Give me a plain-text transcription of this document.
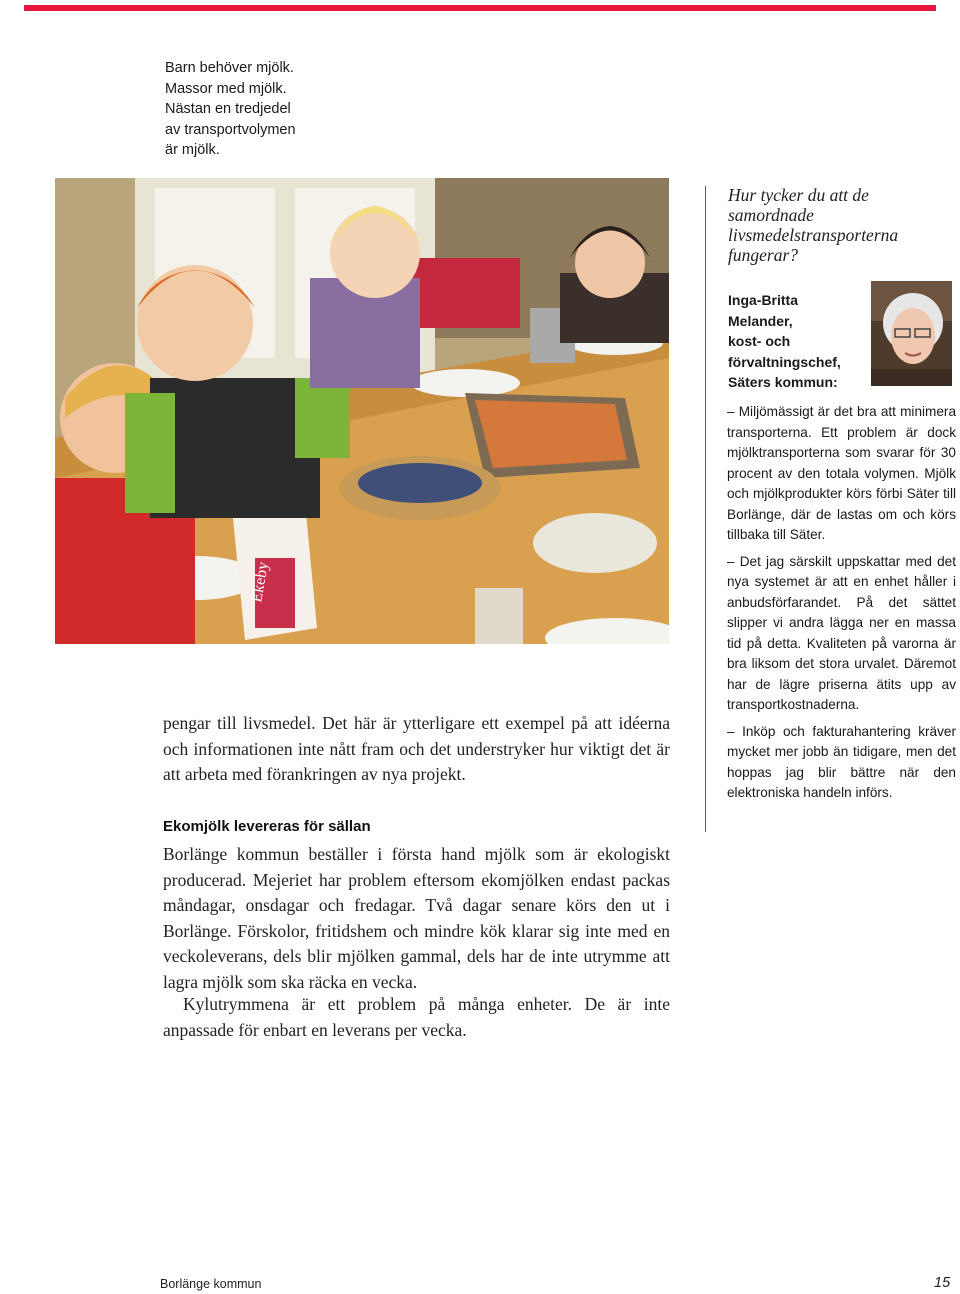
Barn behöver mjölk.
Massor med mjölk.
Nästan en tredjedel
av transportvolymen
är mjölk.
Ekeby
pengar till livsmedel. Det här är ytterligare ett exempel på att idéerna och informationen inte nått fram och det understryker hur viktigt det är att arbeta med förankringen av nya projekt.
Ekomjölk levereras för sällan
Borlänge kommun beställer i första hand mjölk som är ekologiskt producerad. Mejeriet har problem eftersom ekomjölken endast packas måndagar, onsdagar och fredagar. Två dagar senare körs den ut i Borlänge. Förskolor, fritidshem och mindre kök klarar sig inte med en veckoleverans, dels blir mjölken gammal, dels har de inte utrymme att lagra mjölk som ska räcka en vecka.
Kylutrymmena är ett problem på många enheter. De är inte anpassade för enbart en leverans per vecka.
Hur tycker du att de samordnade livsmedelstransporterna fungerar?
Inga-Britta
Melander,
kost- och
förvaltningschef,
Säters kommun:

– Miljömässigt är det bra att minimera transporterna. Ett problem är dock mjölktransporterna som svarar för 30 procent av den totala volymen. Mjölk och mjölkprodukter körs förbi Säter till Borlänge, där de lastas om och körs tillbaka till Säter.

– Det jag särskilt uppskattar med det nya systemet är att en enhet håller i anbudsförfarandet. På det sättet slipper vi andra lägga ner en massa tid på detta. Kvaliteten på varorna är bra liksom det stora urvalet. Däremot har de lägre priserna ätits upp av transportkostnaderna.

– Inköp och fakturahantering kräver mycket mer jobb än tidigare, men det hoppas jag blir bättre när den elektroniska handeln införs.

Borlänge kommun	15
